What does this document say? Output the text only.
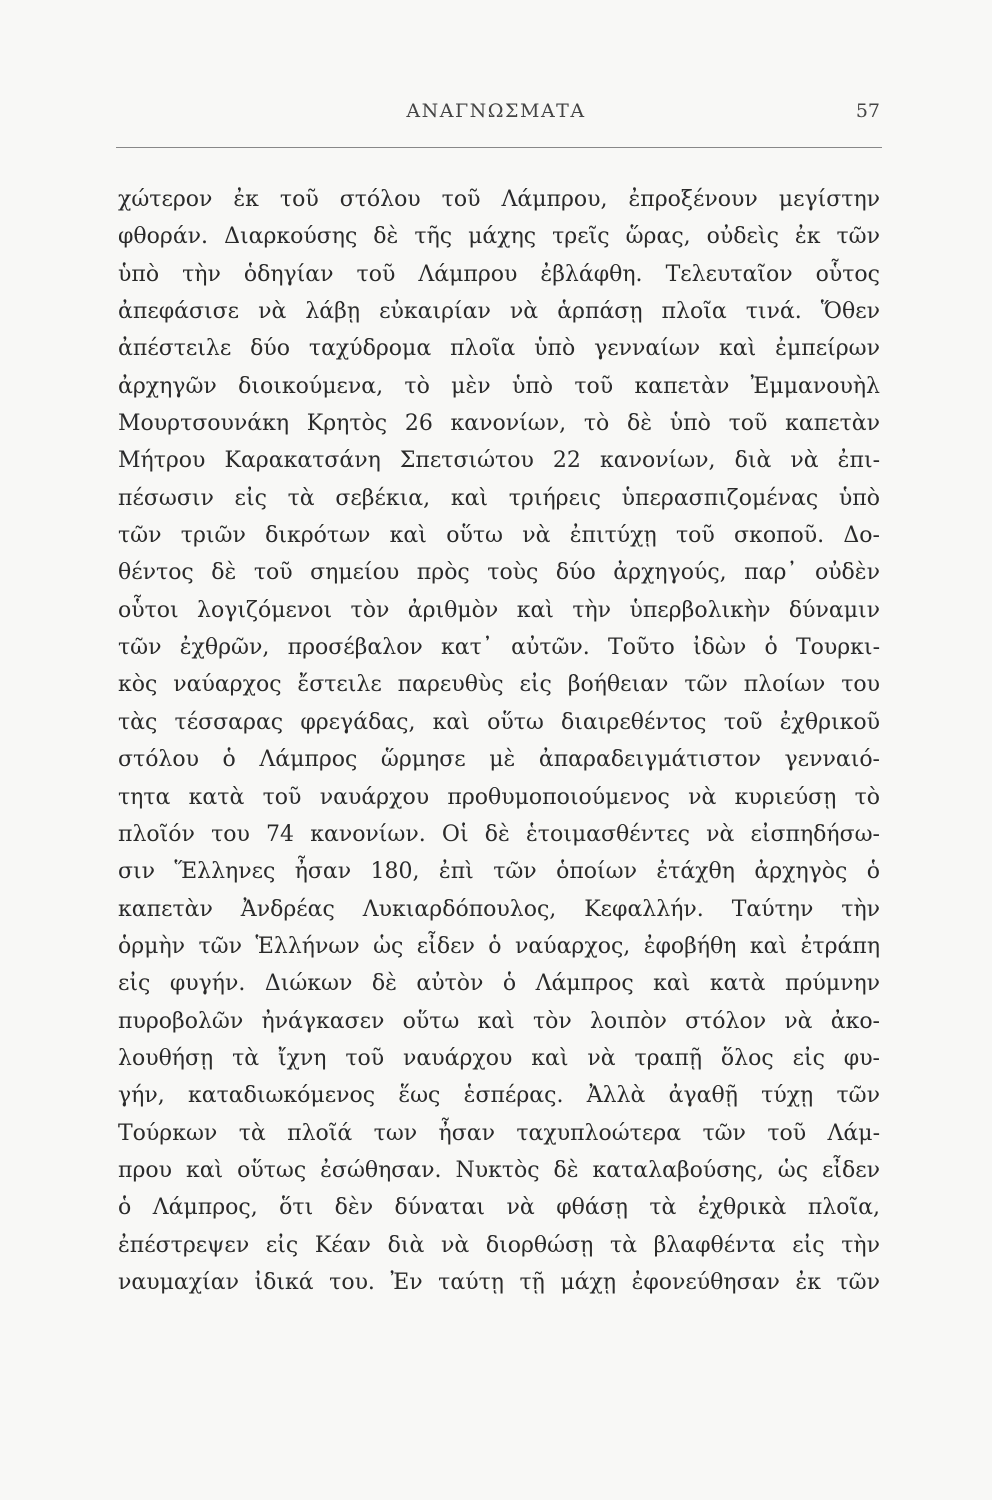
ΑΝΑΓΝΩΣΜΑΤΑ	57
χώτερον ἐκ τοῦ στόλου τοῦ Λάμπρου, ἐπροξένουν μεγίστην
φθοράν. Διαρκούσης δὲ τῆς μάχης τρεῖς ὥρας, οὐδεὶς ἐκ τῶν
ὑπὸ τὴν ὁδηγίαν τοῦ Λάμπρου ἐβλάφθη. Τελευταῖον οὗτος
ἀπεφάσισε νὰ λάβῃ εὐκαιρίαν νὰ ἁρπάσῃ πλοῖα τινά. Ὅθεν
ἀπέστειλε δύο ταχύδρομα πλοῖα ὑπὸ γενναίων καὶ ἐμπείρων
ἀρχηγῶν διοικούμενα, τὸ μὲν ὑπὸ τοῦ καπετὰν Ἐμμανουὴλ
Μουρτσουνάκη Κρητὸς 26 κανονίων, τὸ δὲ ὑπὸ τοῦ καπετὰν
Μήτρου Καρακατσάνη Σπετσιώτου 22 κανονίων, διὰ νὰ ἐπι-
πέσωσιν εἰς τὰ σεβέκια, καὶ τριήρεις ὑπερασπιζομένας ὑπὸ
τῶν τριῶν δικρότων καὶ οὕτω νὰ ἐπιτύχῃ τοῦ σκοποῦ. Δο-
θέντος δὲ τοῦ σημείου πρὸς τοὺς δύο ἀρχηγούς, παρ᾿ οὐδὲν
οὗτοι λογιζόμενοι τὸν ἀριθμὸν καὶ τὴν ὑπερβολικὴν δύναμιν
τῶν ἐχθρῶν, προσέβαλον κατ᾿ αὐτῶν. Τοῦτο ἰδὼν ὁ Τουρκι-
κὸς ναύαρχος ἔστειλε παρευθὺς εἰς βοήθειαν τῶν πλοίων του
τὰς τέσσαρας φρεγάδας, καὶ οὕτω διαιρεθέντος τοῦ ἐχθρικοῦ
στόλου ὁ Λάμπρος ὥρμησε μὲ ἀπαραδειγμάτιστον γενναιό-
τητα κατὰ τοῦ ναυάρχου προθυμοποιούμενος νὰ κυριεύσῃ τὸ
πλοῖόν του 74 κανονίων. Οἱ δὲ ἑτοιμασθέντες νὰ εἰσπηδήσω-
σιν Ἕλληνες ἦσαν 180, ἐπὶ τῶν ὁποίων ἐτάχθη ἀρχηγὸς ὁ
καπετὰν Ἀνδρέας Λυκιαρδόπουλος, Κεφαλλήν. Ταύτην τὴν
ὁρμὴν τῶν Ἑλλήνων ὡς εἶδεν ὁ ναύαρχος, ἐφοβήθη καὶ ἐτράπη
εἰς φυγήν. Διώκων δὲ αὐτὸν ὁ Λάμπρος καὶ κατὰ πρύμνην
πυροβολῶν ἠνάγκασεν οὕτω καὶ τὸν λοιπὸν στόλον νὰ ἀκο-
λουθήσῃ τὰ ἴχνη τοῦ ναυάρχου καὶ νὰ τραπῇ ὅλος εἰς φυ-
γήν, καταδιωκόμενος ἕως ἑσπέρας. Ἀλλὰ ἀγαθῇ τύχῃ τῶν
Τούρκων τὰ πλοῖά των ἦσαν ταχυπλοώτερα τῶν τοῦ Λάμ-
πρου καὶ οὕτως ἐσώθησαν. Νυκτὸς δὲ καταλαβούσης, ὡς εἶδεν
ὁ Λάμπρος, ὅτι δὲν δύναται νὰ φθάσῃ τὰ ἐχθρικὰ πλοῖα,
ἐπέστρεψεν εἰς Κέαν διὰ νὰ διορθώσῃ τὰ βλαφθέντα εἰς τὴν
ναυμαχίαν ἰδικά του. Ἐν ταύτῃ τῇ μάχῃ ἐφονεύθησαν ἐκ τῶν
